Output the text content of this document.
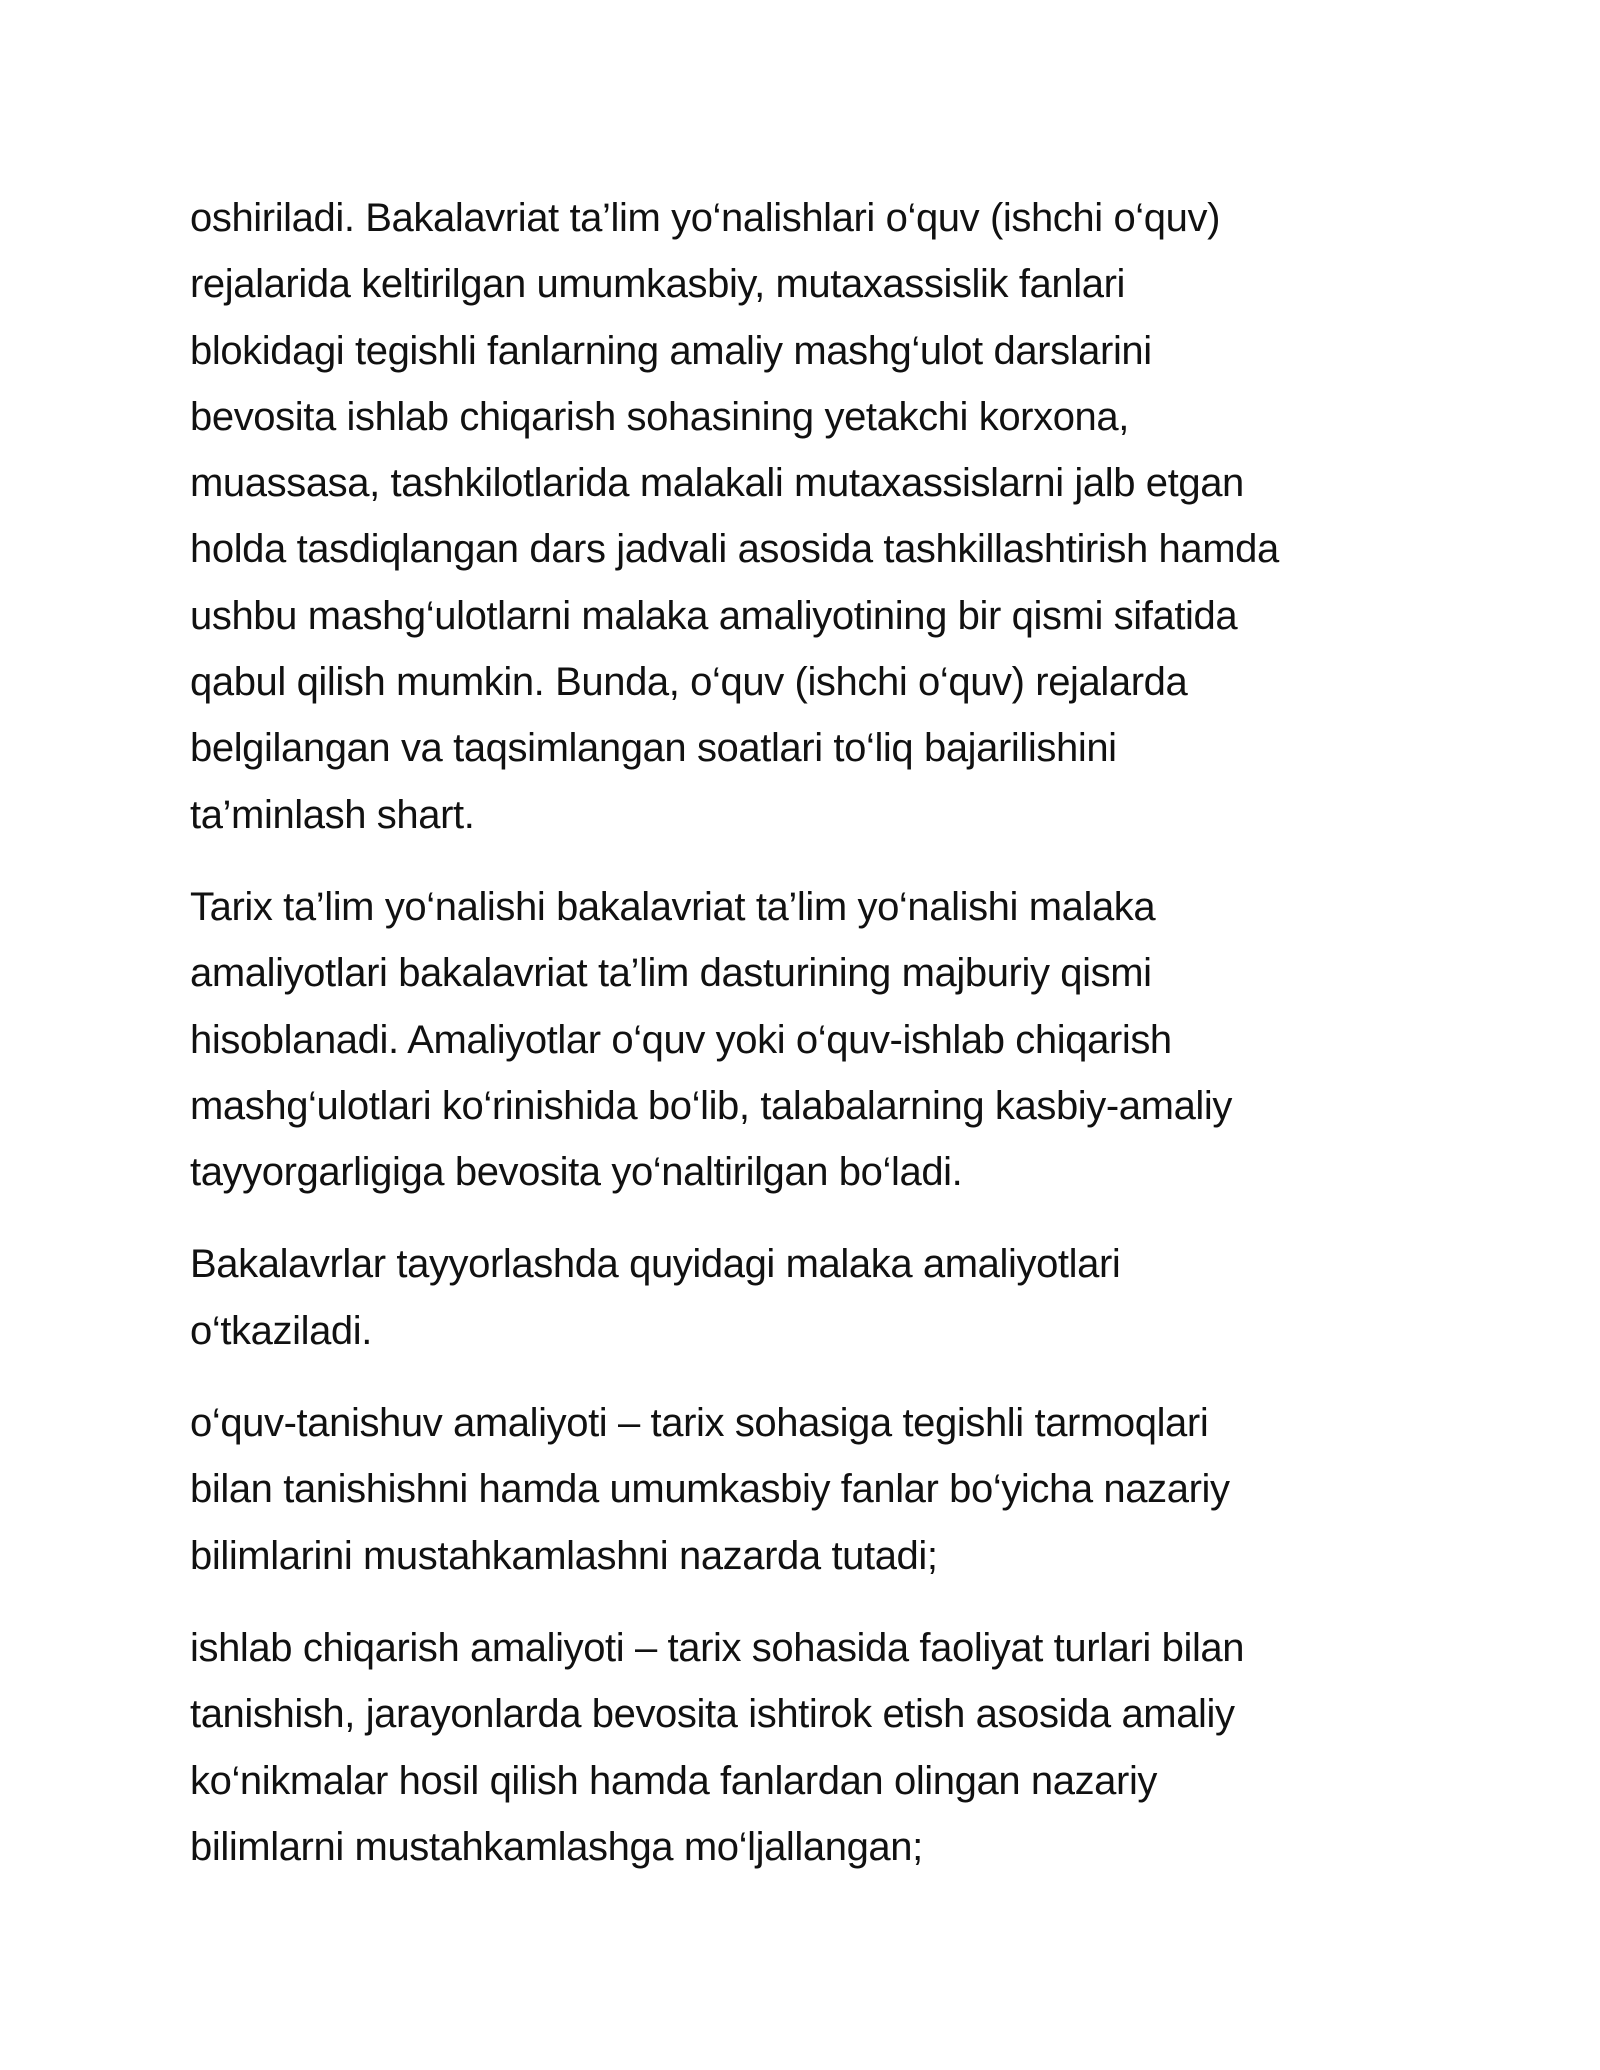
oshiriladi. Bakalavriat ta’lim yo‘nalishlari o‘quv (ishchi o‘quv)
rejalarida keltirilgan umumkasbiy, mutaxassislik fanlari
blokidagi tegishli fanlarning amaliy mashg‘ulot darslarini
bevosita ishlab chiqarish sohasining yetakchi korxona,
muassasa, tashkilotlarida malakali mutaxassislarni jalb etgan
holda tasdiqlangan dars jadvali asosida tashkillashtirish hamda
ushbu mashg‘ulotlarni malaka amaliyotining bir qismi sifatida
qabul qilish mumkin. Bunda, o‘quv (ishchi o‘quv) rejalarda
belgilangan va taqsimlangan soatlari to‘liq bajarilishini
ta’minlash shart.

Tarix ta’lim yo‘nalishi bakalavriat ta’lim yo‘nalishi malaka
amaliyotlari bakalavriat ta’lim dasturining majburiy qismi
hisoblanadi. Amaliyotlar o‘quv yoki o‘quv-ishlab chiqarish
mashg‘ulotlari ko‘rinishida bo‘lib, talabalarning kasbiy-amaliy
tayyorgarligiga bevosita yo‘naltirilgan bo‘ladi.

Bakalavrlar tayyorlashda quyidagi malaka amaliyotlari
o‘tkaziladi.

o‘quv-tanishuv amaliyoti – tarix sohasiga tegishli tarmoqlari
bilan tanishishni hamda umumkasbiy fanlar bo‘yicha nazariy
bilimlarini mustahkamlashni nazarda tutadi;

ishlab chiqarish amaliyoti – tarix sohasida faoliyat turlari bilan
tanishish, jarayonlarda bevosita ishtirok etish asosida amaliy
ko‘nikmalar hosil qilish hamda fanlardan olingan nazariy
bilimlarni mustahkamlashga mo‘ljallangan;
